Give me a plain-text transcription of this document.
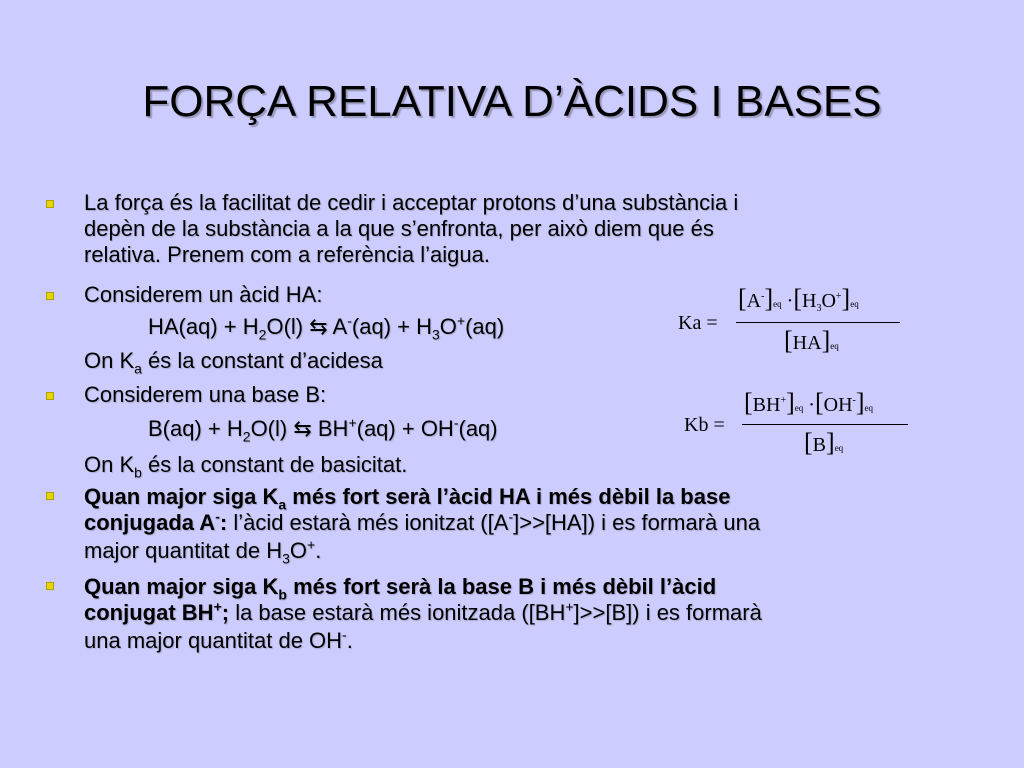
FORÇA RELATIVA D’ÀCIDS I BASES
La força és la facilitat de cedir i acceptar protons d’una substància i
depèn de la substància a la que s’enfronta, per això diem que és
relativa. Prenem com a referència l’aigua.
Considerem un àcid HA:
$HA(aq) + H_2O(l)$ ⇆ $A^-(aq) + H_3O^+(aq)$
On $K_a$ és la constant d’acidesa
Considerem una base B:
$B(aq) + H_2O(l)$ ⇆ BH+(aq) + OH-(aq)
On $K_b$ és la constant de basicitat.
Quan major siga $K_a$ més fort serà l’àcid HA i més dèbil la base
conjugada A-: l’àcid estarà més ionitzat ([A-]>>[HA]) i es formarà una
major quantitat de $H_3O^+$.
Quan major siga $K_b$ més fort serà la base B i més dèbil l’àcid
conjugat BH+; la base estarà més ionitzada ([BH+]>>[B]) i es formarà
una major quantitat de OH-.
Ka =
$[A^-]eq \cdot[H_3O^+]eq$
[HA]eq
Kb =
[BH+]eq ·[OH-]eq
[B]eq
